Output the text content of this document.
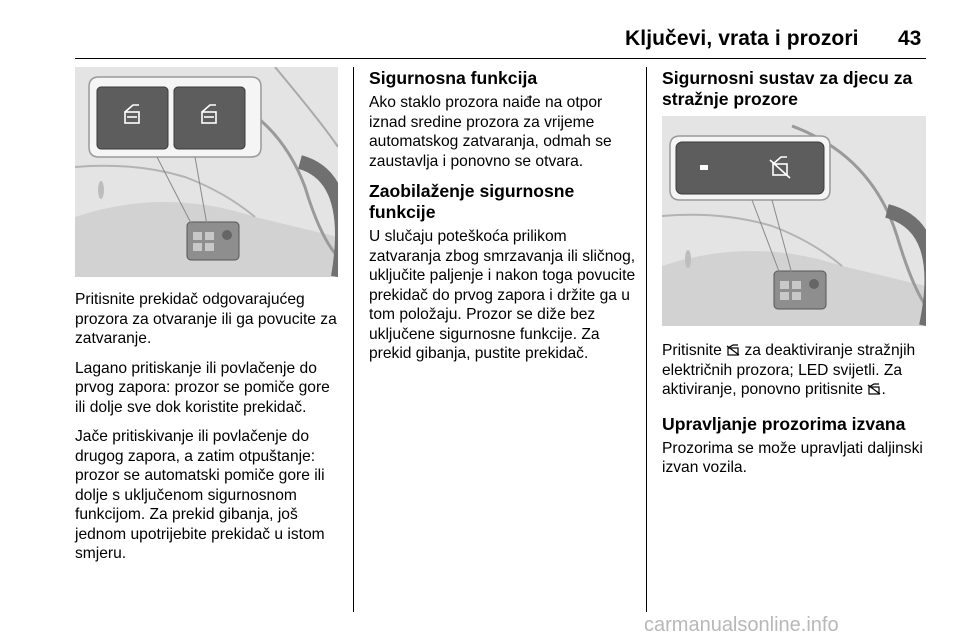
Ključevi, vrata i prozori 43

Pritisnite prekidač odgovarajućeg prozora za otvaranje ili ga povucite za zatvaranje.

Lagano pritiskanje ili povlačenje do prvog zapora: prozor se pomiče gore ili dolje sve dok koristite prekidač.

Jače pritiskivanje ili povlačenje do drugog zapora, a zatim otpuštanje: prozor se automatski pomiče gore ili dolje s uključenom sigurnosnom funkcijom. Za prekid gibanja, još jednom upotrijebite prekidač u istom smjeru.

Sigurnosna funkcija

Ako staklo prozora naiđe na otpor iznad sredine prozora za vrijeme automatskog zatvaranja, odmah se zaustavlja i ponovno se otvara.

Zaobilaženje sigurnosne funkcije

U slučaju poteškoća prilikom zatvaranja zbog smrzavanja ili sličnog, uključite paljenje i nakon toga povucite prekidač do prvog zapora i držite ga u tom položaju. Prozor se diže bez uključene sigurnosne funkcije. Za prekid gibanja, pustite prekidač.

Sigurnosni sustav za djecu za stražnje prozore

Pritisnite za deaktiviranje stražnjih električnih prozora; LED svijetli. Za aktiviranje, ponovno pritisnite .

Upravljanje prozorima izvana

Prozorima se može upravljati daljinski izvan vozila.

carmanualsonline.info
